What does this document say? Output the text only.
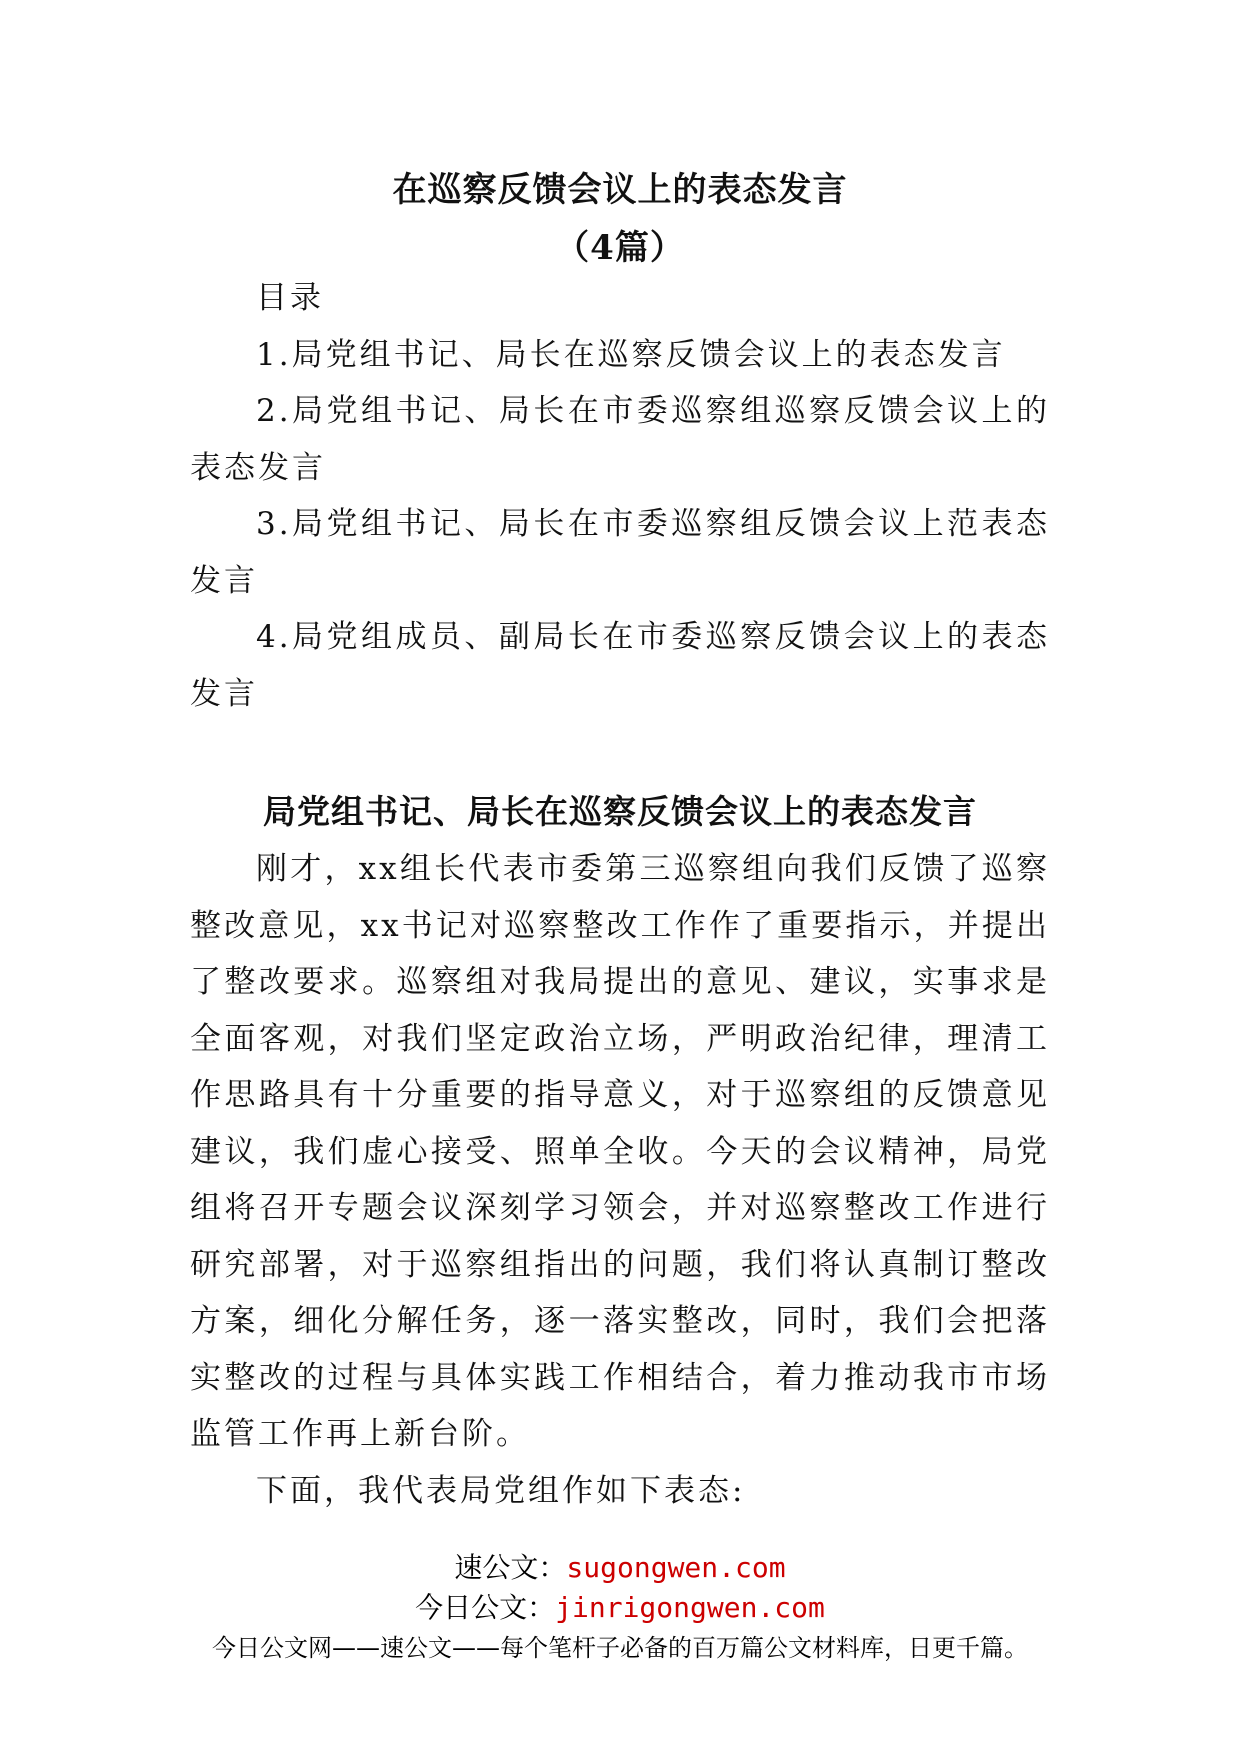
在巡察反馈会议上的表态发言
（4篇）

目录

1.局党组书记、局长在巡察反馈会议上的表态发言

2.局党组书记、局长在市委巡察组巡察反馈会议上的表态发言

3.局党组书记、局长在市委巡察组反馈会议上范表态发言

4.局党组成员、副局长在市委巡察反馈会议上的表态发言

局党组书记、局长在巡察反馈会议上的表态发言

刚才，xx组长代表市委第三巡察组向我们反馈了巡察整改意见，xx书记对巡察整改工作作了重要指示，并提出了整改要求。巡察组对我局提出的意见、建议，实事求是全面客观，对我们坚定政治立场，严明政治纪律，理清工作思路具有十分重要的指导意义，对于巡察组的反馈意见建议，我们虚心接受、照单全收。今天的会议精神，局党组将召开专题会议深刻学习领会，并对巡察整改工作进行研究部署，对于巡察组指出的问题，我们将认真制订整改方案，细化分解任务，逐一落实整改，同时，我们会把落实整改的过程与具体实践工作相结合，着力推动我市市场监管工作再上新台阶。

下面，我代表局党组作如下表态:

速公文：sugongwen.com
今日公文：jinrigongwen.com
今日公文网——速公文——每个笔杆子必备的百万篇公文材料库，日更千篇。
